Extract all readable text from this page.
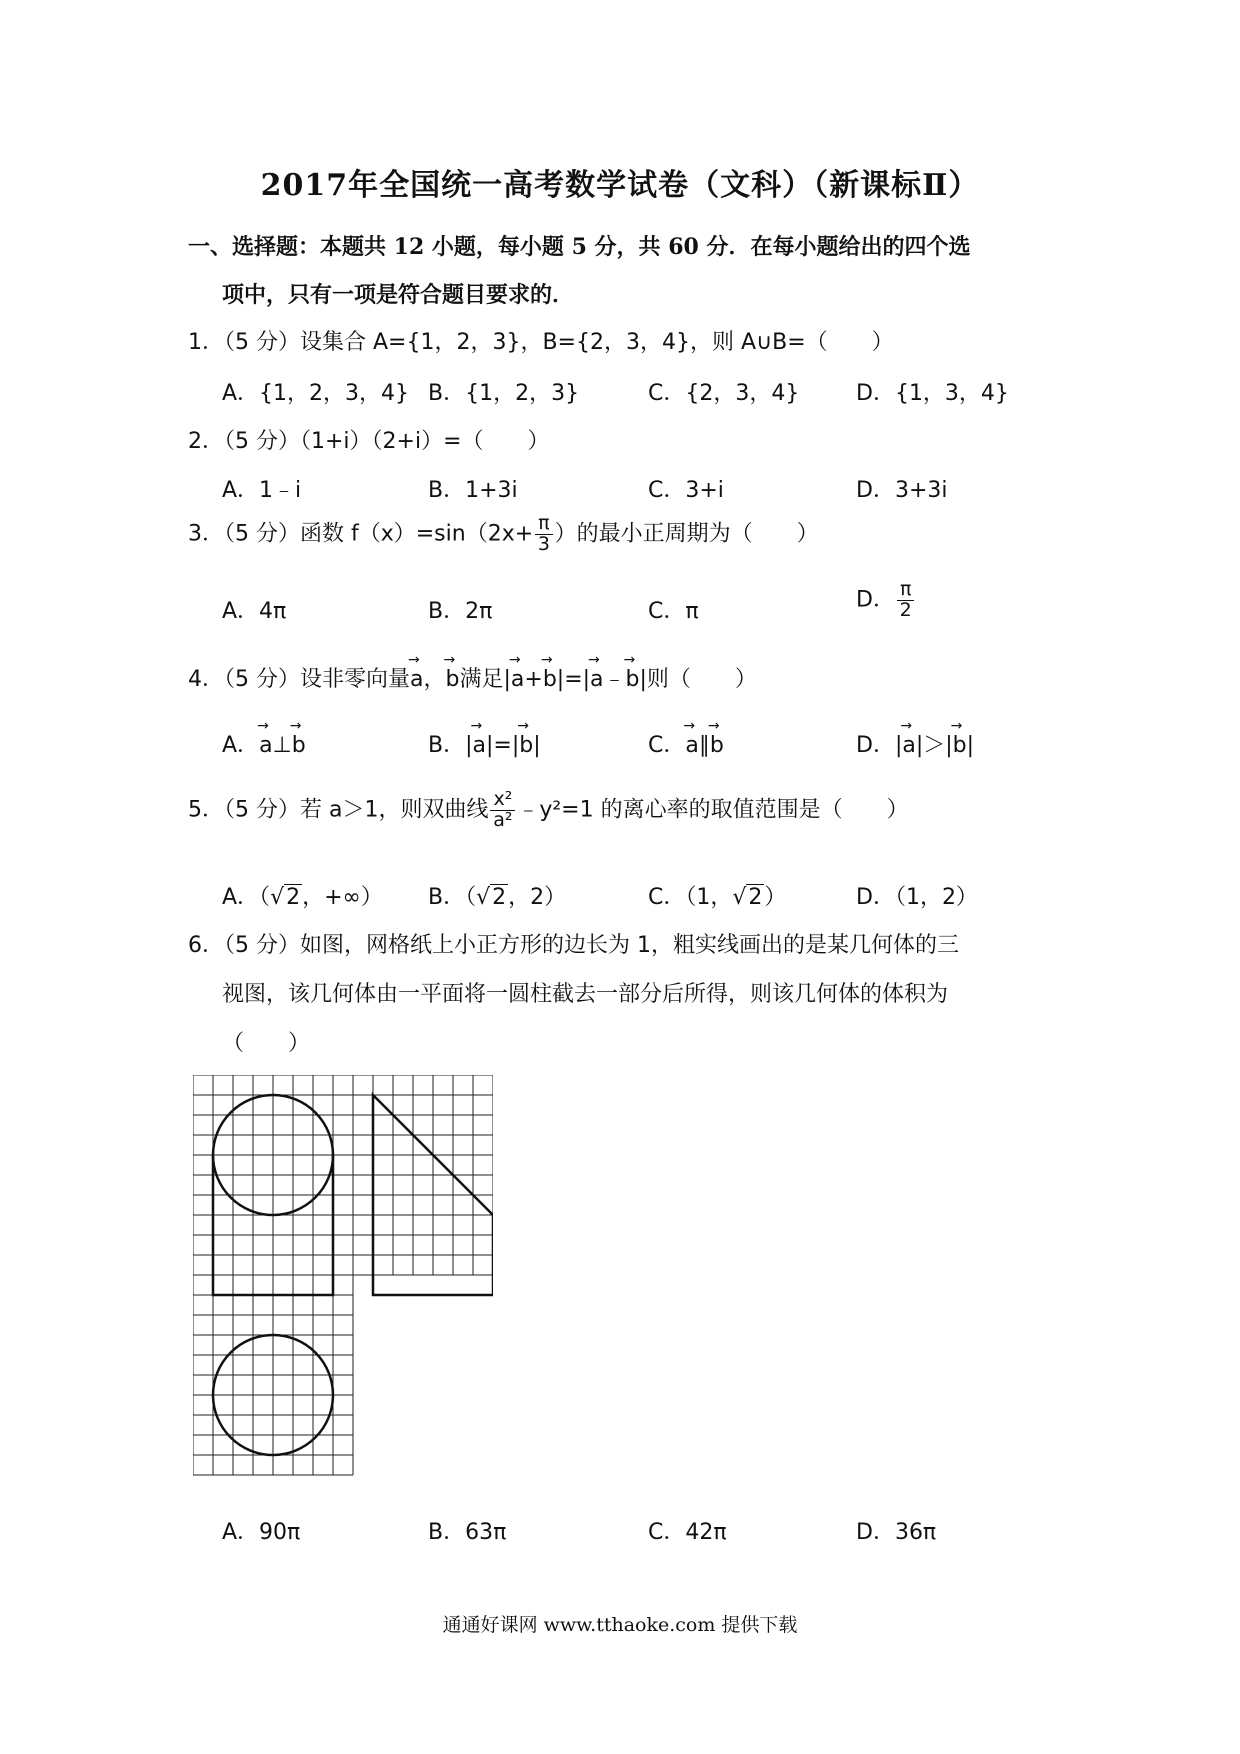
2017年全国统一高考数学试卷（文科）（新课标Ⅱ）
一、选择题：本题共 12 小题，每小题 5 分，共 60 分．在每小题给出的四个选
项中，只有一项是符合题目要求的．
1．（5 分）设集合 A={1，2，3}，B={2，3，4}，则 A∪B=（　　）
A．{1，2，3，4} B．{1，2，3}	C．{2，3，4}	D．{1，3，4}
2．（5 分）（1+i）（2+i）=（　　）
A．1﹣i	B．1+3i	C．3+i	D．3+3i
3．（5 分）函数 $f(x)=\sin(2x+ \frac{\pi}{3}$ ）的最小正周期为（　　）
A．4π	B．2π	C．π	D． $\frac{\pi}{2}$
4．（5 分）设非零向量→ a，→ b满足|→ a+→ b|=|→ a﹣→ b|则（　　）
A．→ a⊥→ b	B．|→ a|=|→ b|	C．→ a∥→ b	D．|→ a|＞|→ b|
5．（5 分）若 a＞1，则双曲线 $\frac{\text{x²}}{\text{a²}}$ ﹣y²=1 的离心率的取值范围是（　　）
A．（√2，+∞） B．（√2，2）	C．（1，√2）	D．（1，2）
6．（5 分）如图，网格纸上小正方形的边长为 1，粗实线画出的是某几何体的三
视图，该几何体由一平面将一圆柱截去一部分后所得，则该几何体的体积为
（　　）
A．90π	B．63π	C．42π	D．36π
通通好课网 www.tthaoke.com 提供下载
